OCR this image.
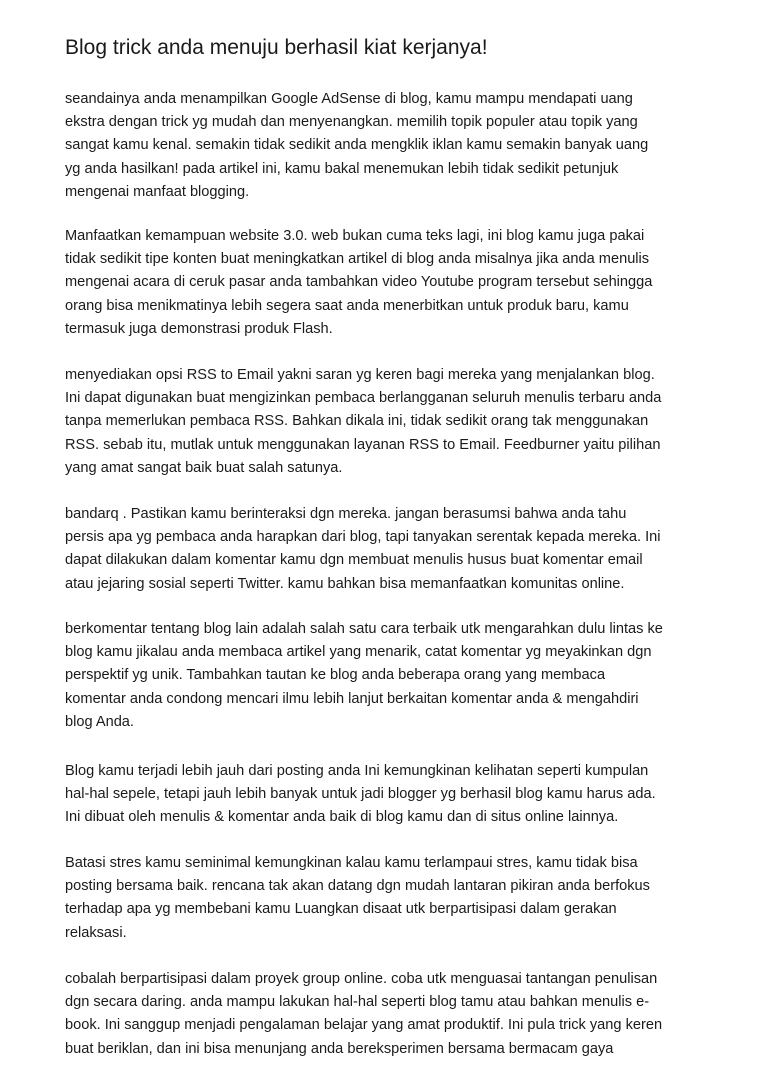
Blog trick anda menuju berhasil kiat kerjanya!

seandainya anda menampilkan Google AdSense di blog, kamu mampu mendapati uang
ekstra dengan trick yg mudah dan menyenangkan. memilih topik populer atau topik yang
sangat kamu kenal. semakin tidak sedikit anda mengklik iklan kamu semakin banyak uang
yg anda hasilkan! pada artikel ini, kamu bakal menemukan lebih tidak sedikit petunjuk
mengenai manfaat blogging.

Manfaatkan kemampuan website 3.0. web bukan cuma teks lagi, ini blog kamu juga pakai
tidak sedikit tipe konten buat meningkatkan artikel di blog anda misalnya jika anda menulis
mengenai acara di ceruk pasar anda tambahkan video Youtube program tersebut sehingga
orang bisa menikmatinya lebih segera saat anda menerbitkan untuk produk baru, kamu
termasuk juga demonstrasi produk Flash.

menyediakan opsi RSS to Email yakni saran yg keren bagi mereka yang menjalankan blog.
Ini dapat digunakan buat mengizinkan pembaca berlangganan seluruh menulis terbaru anda
tanpa memerlukan pembaca RSS. Bahkan dikala ini, tidak sedikit orang tak menggunakan
RSS. sebab itu, mutlak untuk menggunakan layanan RSS to Email. Feedburner yaitu pilihan
yang amat sangat baik buat salah satunya.

bandarq . Pastikan kamu berinteraksi dgn mereka. jangan berasumsi bahwa anda tahu
persis apa yg pembaca anda harapkan dari blog, tapi tanyakan serentak kepada mereka. Ini
dapat dilakukan dalam komentar kamu dgn membuat menulis husus buat komentar email
atau jejaring sosial seperti Twitter. kamu bahkan bisa memanfaatkan komunitas online.

berkomentar tentang blog lain adalah salah satu cara terbaik utk mengarahkan dulu lintas ke
blog kamu jikalau anda membaca artikel yang menarik, catat komentar yg meyakinkan dgn
perspektif yg unik. Tambahkan tautan ke blog anda beberapa orang yang membaca
komentar anda condong mencari ilmu lebih lanjut berkaitan komentar anda & mengahdiri
blog Anda.

Blog kamu terjadi lebih jauh dari posting anda Ini kemungkinan kelihatan seperti kumpulan
hal-hal sepele, tetapi jauh lebih banyak untuk jadi blogger yg berhasil blog kamu harus ada.
Ini dibuat oleh menulis & komentar anda baik di blog kamu dan di situs online lainnya.

Batasi stres kamu seminimal kemungkinan kalau kamu terlampaui stres, kamu tidak bisa
posting bersama baik. rencana tak akan datang dgn mudah lantaran pikiran anda berfokus
terhadap apa yg membebani kamu Luangkan disaat utk berpartisipasi dalam gerakan
relaksasi.

cobalah berpartisipasi dalam proyek group online. coba utk menguasai tantangan penulisan
dgn secara daring. anda mampu lakukan hal-hal seperti blog tamu atau bahkan menulis e-
book. Ini sanggup menjadi pengalaman belajar yang amat produktif. Ini pula trick yang keren
buat beriklan, dan ini bisa menunjang anda bereksperimen bersama bermacam gaya
